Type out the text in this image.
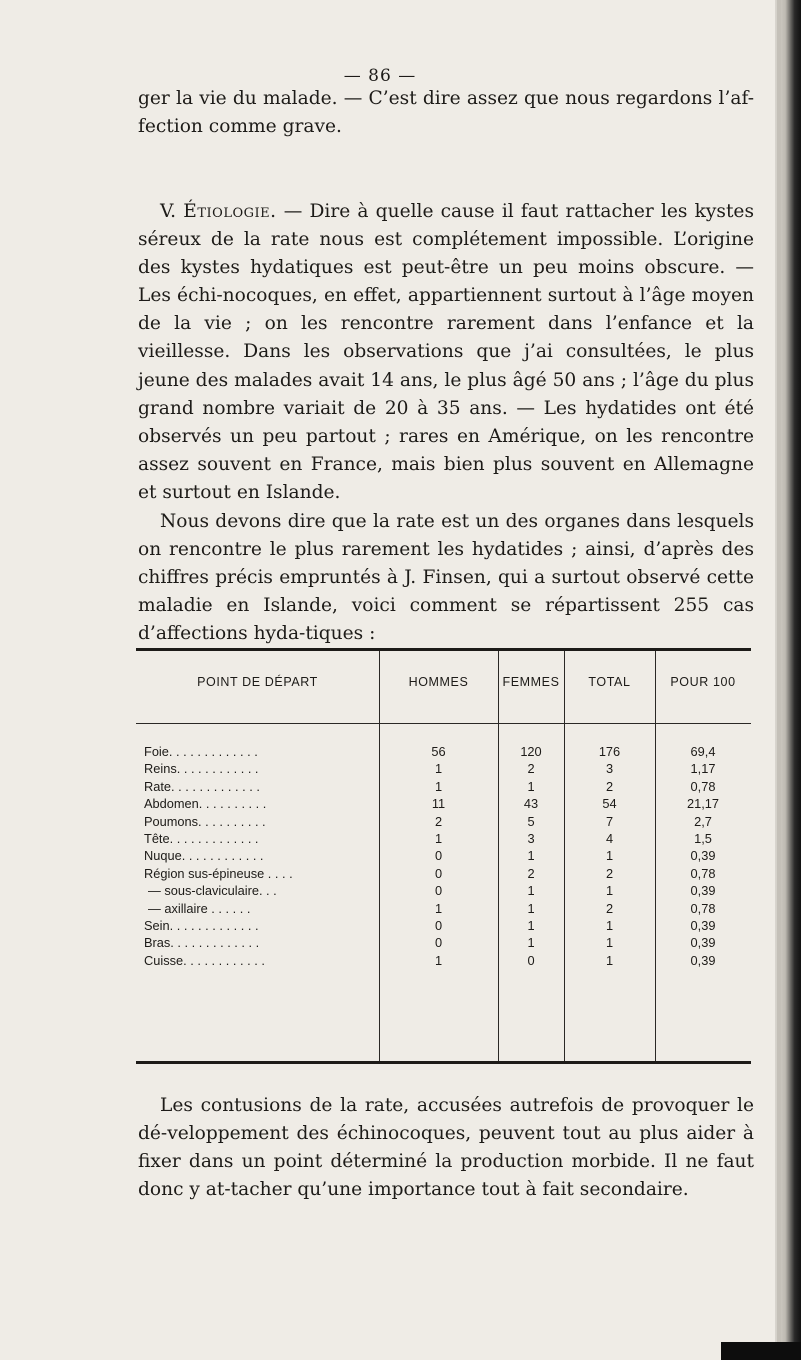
— 86 —

ger la vie du malade. — C’est dire assez que nous regardons l’af-fection comme grave.

V. Étiologie. — Dire à quelle cause il faut rattacher les kystes séreux de la rate nous est complétement impossible. L’origine des kystes hydatiques est peut-être un peu moins obscure. — Les échi-nocoques, en effet, appartiennent surtout à l’âge moyen de la vie ; on les rencontre rarement dans l’enfance et la vieillesse. Dans les observations que j’ai consultées, le plus jeune des malades avait 14 ans, le plus âgé 50 ans ; l’âge du plus grand nombre variait de 20 à 35 ans. — Les hydatides ont été observés un peu partout ; rares en Amérique, on les rencontre assez souvent en France, mais bien plus souvent en Allemagne et surtout en Islande.

Nous devons dire que la rate est un des organes dans lesquels on rencontre le plus rarement les hydatides ; ainsi, d’après des chiffres précis empruntés à J. Finsen, qui a surtout observé cette maladie en Islande, voici comment se répartissent 255 cas d’affections hyda-tiques :

POINT DE DÉPART	HOMMES	FEMMES	TOTAL	POUR 100
Foie. . . . . . . . . . . . .	56	120	176	69,4
Reins. . . . . . . . . . . .	1	2	3	1,17
Rate. . . . . . . . . . . . .	1	1	2	0,78
Abdomen. . . . . . . . . .	11	43	54	21,17
Poumons. . . . . . . . . .	2	5	7	2,7
Tête. . . . . . . . . . . . .	1	3	4	1,5
Nuque. . . . . . . . . . . .	0	1	1	0,39
Région sus-épineuse . . . .	0	2	2	0,78
— sous-claviculaire. . .	0	1	1	0,39
— axillaire . . . . . .	1	1	2	0,78
Sein. . . . . . . . . . . . .	0	1	1	0,39
Bras. . . . . . . . . . . . .	0	1	1	0,39
Cuisse. . . . . . . . . . . .	1	0	1	0,39

Les contusions de la rate, accusées autrefois de provoquer le dé-veloppement des échinocoques, peuvent tout au plus aider à fixer dans un point déterminé la production morbide. Il ne faut donc y at-tacher qu’une importance tout à fait secondaire.
